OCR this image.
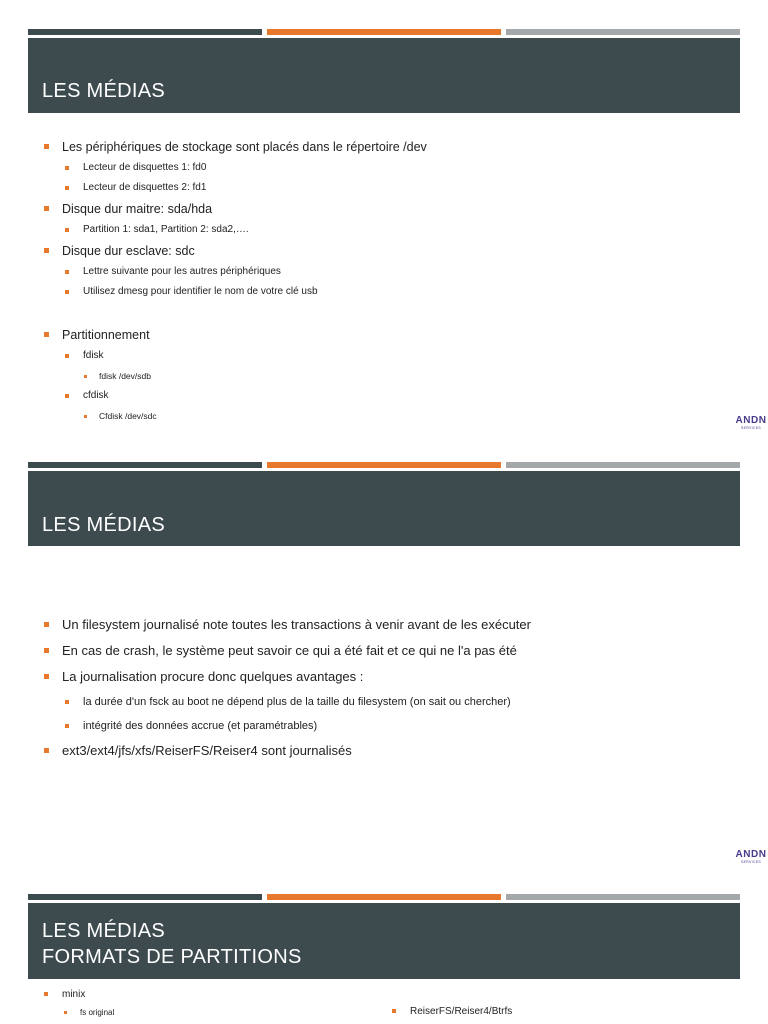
LES MÉDIAS
Les périphériques de stockage sont placés dans le répertoire /dev
Lecteur de disquettes 1: fd0
Lecteur de disquettes 2: fd1
Disque dur maitre: sda/hda
Partition 1: sda1, Partition 2: sda2,….
Disque dur esclave: sdc
Lettre suivante pour les autres périphériques
Utilisez dmesg pour identifier le nom de votre clé usb
Partitionnement
fdisk
fdisk /dev/sdb
cfdisk
Cfdisk /dev/sdc	ANDN
SERVICES
LES MÉDIAS
Un filesystem journalisé note toutes les transactions à venir avant de les exécuter
En cas de crash, le système peut savoir ce qui a été fait et ce qui ne l'a pas été
La journalisation procure donc quelques avantages :
la durée d'un fsck au boot ne dépend plus de la taille du filesystem (on sait ou chercher)
intégrité des données accrue (et paramétrables)
ext3/ext4/jfs/xfs/ReiserFS/Reiser4 sont journalisés
ANDN
SERVICES
LES MÉDIAS
FORMATS DE PARTITIONS
minix
fs original	ReiserFS/Reiser4/Btrfs
